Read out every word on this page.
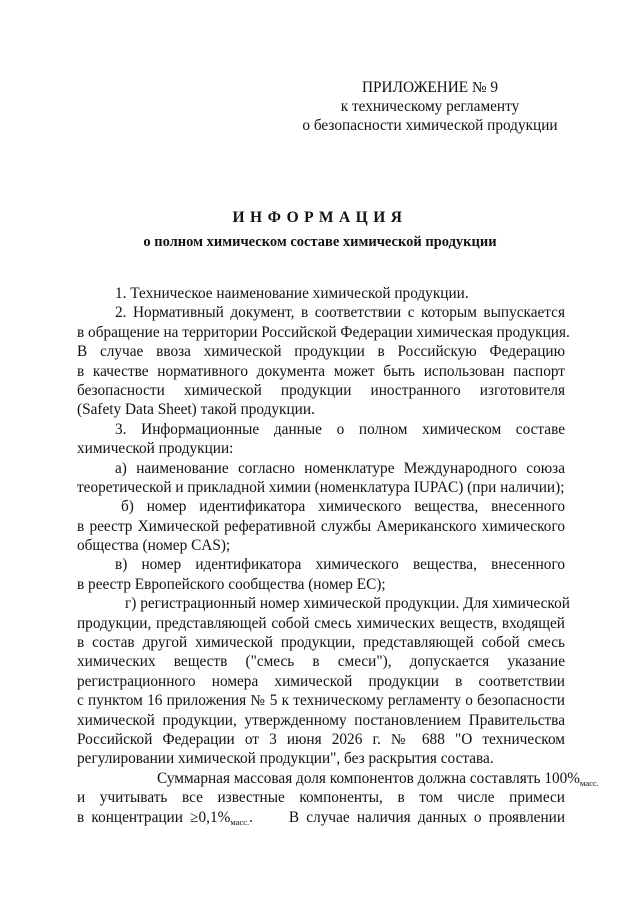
ПРИЛОЖЕНИЕ № 9
к техническому регламенту
о безопасности химической продукции
ИНФОРМАЦИЯ
о полном химическом составе химической продукции
1. Техническое наименование химической продукции.
2. Нормативный документ, в соответствии с которым выпускается
в обращение на территории Российской Федерации химическая продукция.
В случае ввоза химической продукции в Российскую Федерацию
в качестве нормативного документа может быть использован паспорт
безопасности химической продукции иностранного изготовителя
(Safety Data Sheet) такой продукции.
3. Информационные данные о полном химическом составе
химической продукции:
а) наименование согласно номенклатуре Международного союза
теоретической и прикладной химии (номенклатура IUPAC) (при наличии);
б) номер идентификатора химического вещества, внесенного
в реестр Химической реферативной службы Американского химического
общества (номер CAS);
в) номер идентификатора химического вещества, внесенного
в реестр Европейского сообщества (номер ЕС);
г) регистрационный номер химической продукции. Для химической
продукции, представляющей собой смесь химических веществ, входящей
в состав другой химической продукции, представляющей собой смесь
химических веществ ("смесь в смеси"), допускается указание
регистрационного номера химической продукции в соответствии
с пунктом 16 приложения № 5 к техническому регламенту о безопасности
химической продукции, утвержденному постановлением Правительства
Российской Федерации от 3 июня 2026 г. № 688 "О техническом
регулировании химической продукции", без раскрытия состава.
Суммарная массовая доля компонентов должна составлять $100\%_{масс.}$
и учитывать все известные компоненты, в том числе примеси
в концентрации $\ge 0,1\%_{масс.}$. В случае наличия данных о проявлении
